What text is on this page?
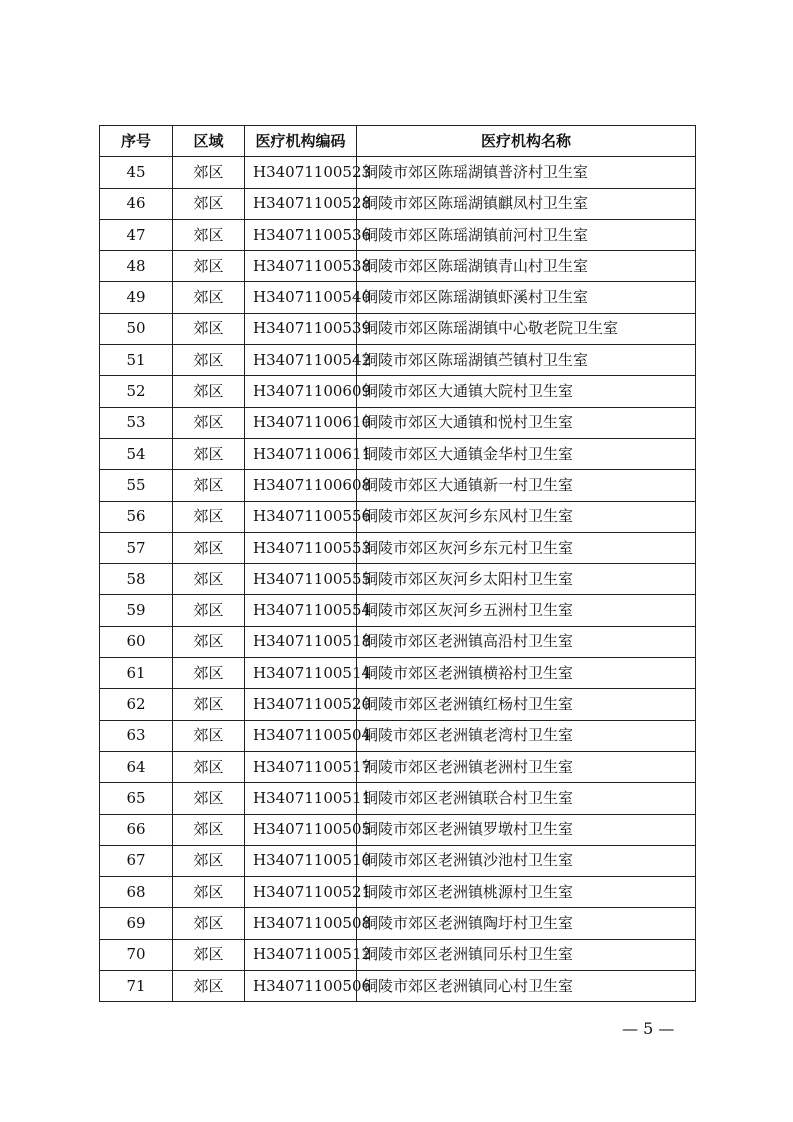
序号	区域	医疗机构编码	医疗机构名称
45	郊区	H34071100523	铜陵市郊区陈瑶湖镇普济村卫生室
46	郊区	H34071100528	铜陵市郊区陈瑶湖镇麒凤村卫生室
47	郊区	H34071100536	铜陵市郊区陈瑶湖镇前河村卫生室
48	郊区	H34071100538	铜陵市郊区陈瑶湖镇青山村卫生室
49	郊区	H34071100540	铜陵市郊区陈瑶湖镇虾溪村卫生室
50	郊区	H34071100539	铜陵市郊区陈瑶湖镇中心敬老院卫生室
51	郊区	H34071100542	铜陵市郊区陈瑶湖镇苎镇村卫生室
52	郊区	H34071100609	铜陵市郊区大通镇大院村卫生室
53	郊区	H34071100610	铜陵市郊区大通镇和悦村卫生室
54	郊区	H34071100611	铜陵市郊区大通镇金华村卫生室
55	郊区	H34071100608	铜陵市郊区大通镇新一村卫生室
56	郊区	H34071100556	铜陵市郊区灰河乡东风村卫生室
57	郊区	H34071100553	铜陵市郊区灰河乡东元村卫生室
58	郊区	H34071100555	铜陵市郊区灰河乡太阳村卫生室
59	郊区	H34071100554	铜陵市郊区灰河乡五洲村卫生室
60	郊区	H34071100518	铜陵市郊区老洲镇高沿村卫生室
61	郊区	H34071100514	铜陵市郊区老洲镇横裕村卫生室
62	郊区	H34071100520	铜陵市郊区老洲镇红杨村卫生室
63	郊区	H34071100504	铜陵市郊区老洲镇老湾村卫生室
64	郊区	H34071100517	铜陵市郊区老洲镇老洲村卫生室
65	郊区	H34071100511	铜陵市郊区老洲镇联合村卫生室
66	郊区	H34071100505	铜陵市郊区老洲镇罗墩村卫生室
67	郊区	H34071100510	铜陵市郊区老洲镇沙池村卫生室
68	郊区	H34071100521	铜陵市郊区老洲镇桃源村卫生室
69	郊区	H34071100508	铜陵市郊区老洲镇陶圩村卫生室
70	郊区	H34071100512	铜陵市郊区老洲镇同乐村卫生室
71	郊区	H34071100506	铜陵市郊区老洲镇同心村卫生室
— 5 —
